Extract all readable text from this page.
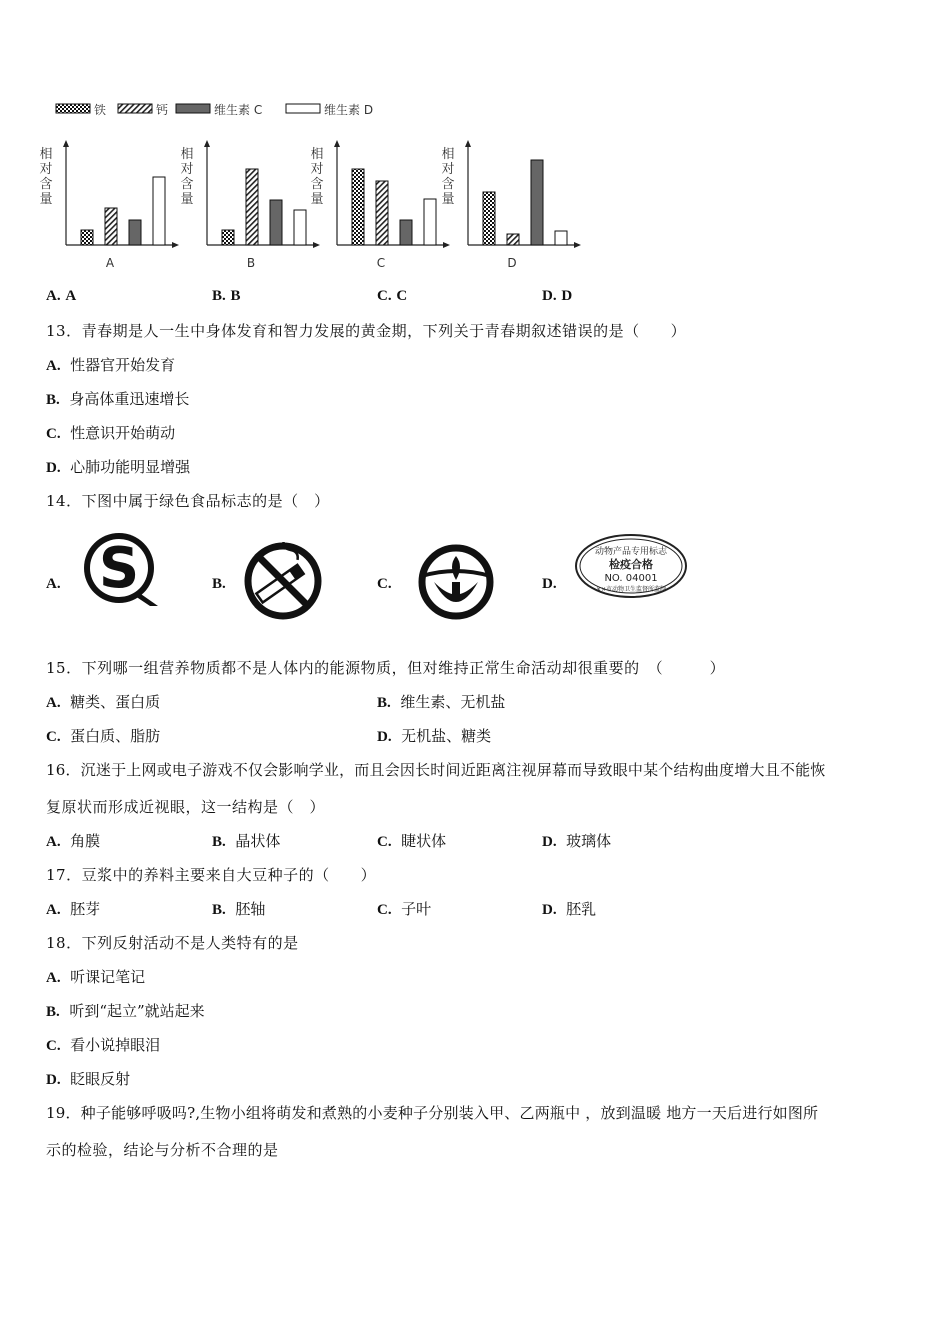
铁	钙	维生素 C	维生素 D
相
对
含
量
A
相
对
含
量
B
相
对
含
量
C
相
对
含
量
D
A. A	B. B	C. C	D. D
13．青春期是人一生中身体发育和智力发展的黄金期，下列关于青春期叙述错误的是（　　）
A. 性器官开始发育
B. 身高体重迅速增长
C. 性意识开始萌动
D. 心肺功能明显增强
14．下图中属于绿色食品标志的是（　）
A. S	B.	C.	D.
动物产品专用标志
检疫合格
NO. 04001
××市动物卫生监督所监制
15．下列哪一组营养物质都不是人体内的能源物质，但对维持正常生命活动却很重要的　（　　　）
A. 糖类、蛋白质	B. 维生素、无机盐
C. 蛋白质、脂肪	D. 无机盐、糖类
16．沉迷于上网或电子游戏不仅会影响学业，而且会因长时间近距离注视屏幕而导致眼中某个结构曲度增大且不能恢
复原状而形成近视眼，这一结构是（　）
A. 角膜	B. 晶状体	C. 睫状体	D. 玻璃体
17．豆浆中的养料主要来自大豆种子的（　　）
A. 胚芽	B. 胚轴	C. 子叶	D. 胚乳
18．下列反射活动不是人类特有的是
A. 听课记笔记
B. 听到“起立”就站起来
C. 看小说掉眼泪
D. 眨眼反射
19．种子能够呼吸吗?,生物小组将萌发和煮熟的小麦种子分别装入甲、乙两瓶中 ，放到温暖 地方一天后进行如图所
示的检验，结论与分析不合理的是
